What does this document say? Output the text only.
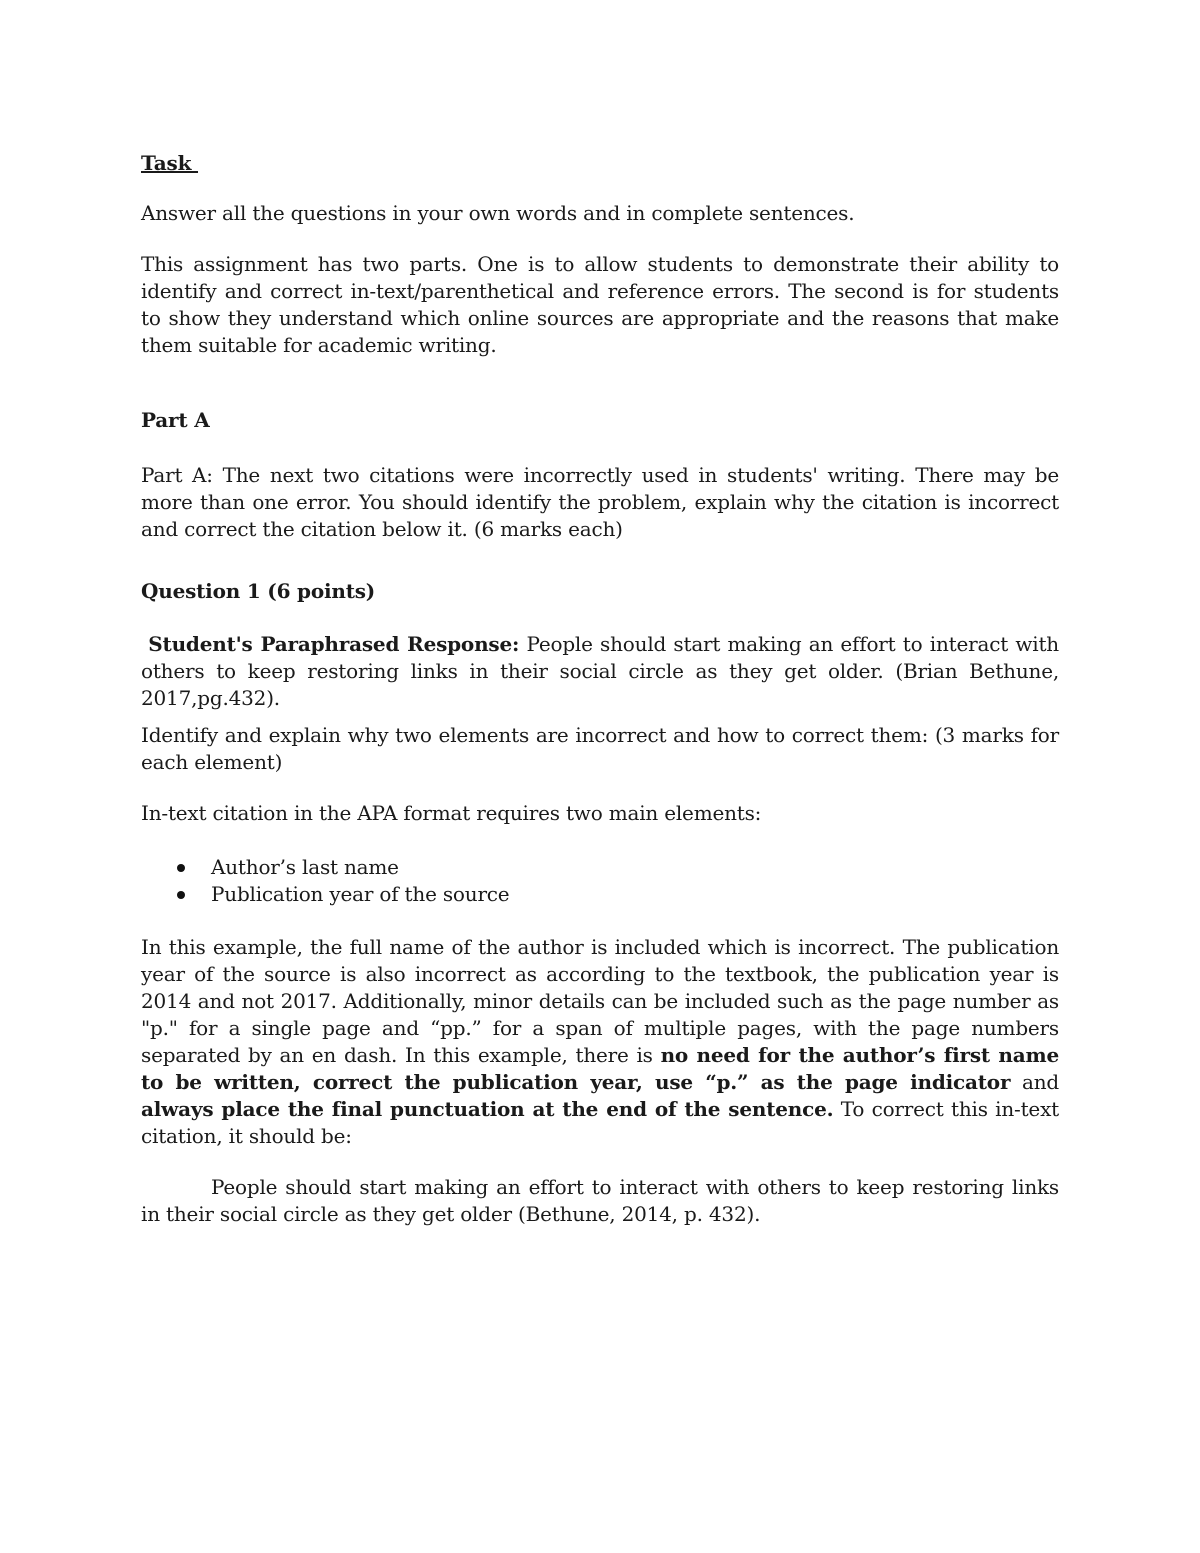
Task

Answer all the questions in your own words and in complete sentences.

This assignment has two parts. One is to allow students to demonstrate their ability to identify and correct in-text/parenthetical and reference errors. The second is for students to show they understand which online sources are appropriate and the reasons that make them suitable for academic writing.

Part A

Part A: The next two citations were incorrectly used in students' writing. There may be more than one error. You should identify the problem, explain why the citation is incorrect and correct the citation below it. (6 marks each)

Question 1 (6 points)

Student's Paraphrased Response: People should start making an effort to interact with others to keep restoring links in their social circle as they get older. (Brian Bethune, 2017,pg.432).

Identify and explain why two elements are incorrect and how to correct them: (3 marks for each element)

In-text citation in the APA format requires two main elements:

Author’s last name
Publication year of the source

In this example, the full name of the author is included which is incorrect. The publication year of the source is also incorrect as according to the textbook, the publication year is 2014 and not 2017. Additionally, minor details can be included such as the page number as "p." for a single page and “pp.” for a span of multiple pages, with the page numbers separated by an en dash. In this example, there is no need for the author’s first name to be written, correct the publication year, use “p.” as the page indicator and always place the final punctuation at the end of the sentence. To correct this in-text citation, it should be:

People should start making an effort to interact with others to keep restoring links in their social circle as they get older (Bethune, 2014, p. 432).
